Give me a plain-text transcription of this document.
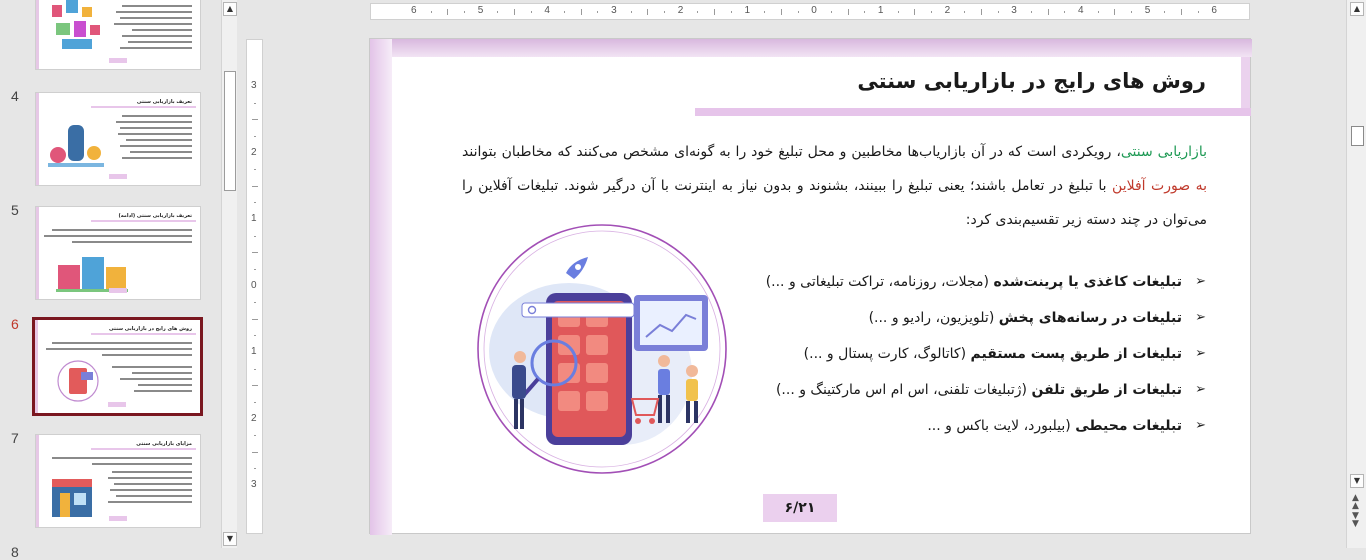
4	تعریف بازاریابی سنتی
5	تعریف بازاریابی سنتی (ادامه)
6	روش های رایج در بازاریابی سنتی
7	مزایای بازاریابی سنتی
8
▲
▼
6	5	4	3	2	1	0	1	2	3	4	5	6
3
2
1
0
1
2
3
▲
▼
▲
▲
▼
▼
روش های رایج در بازاریابی سنتی
بازاریابی سنتی، رویکردی است که در آن بازاریاب‌ها مخاطبین و محل تبلیغ خود را به گونه‌ای مشخص می‌کنند که مخاطبان بتوانند به صورت آفلاین با تبلیغ در تعامل باشند؛ یعنی تبلیغ را ببینند، بشنوند و بدون نیاز به اینترنت با آن درگیر شوند. تبلیغات آفلاین را می‌توان در چند دسته زیر تقسیم‌بندی کرد:
➢
تبلیغات کاغذی یا پرینت‌شده (مجلات، روزنامه، تراکت تبلیغاتی و ...)
➢
تبلیغات در رسانه‌های پخش (تلویزیون، رادیو و ...)
➢
تبلیغات از طریق پست مستقیم (کاتالوگ، کارت پستال و ...)
➢
تبلیغات از طریق تلفن (ژتبلیغات تلفنی، اس ام اس مارکتینگ و ...)
➢
تبلیغات محیطی (بیلبورد، لایت باکس و ...
۶/۲۱
